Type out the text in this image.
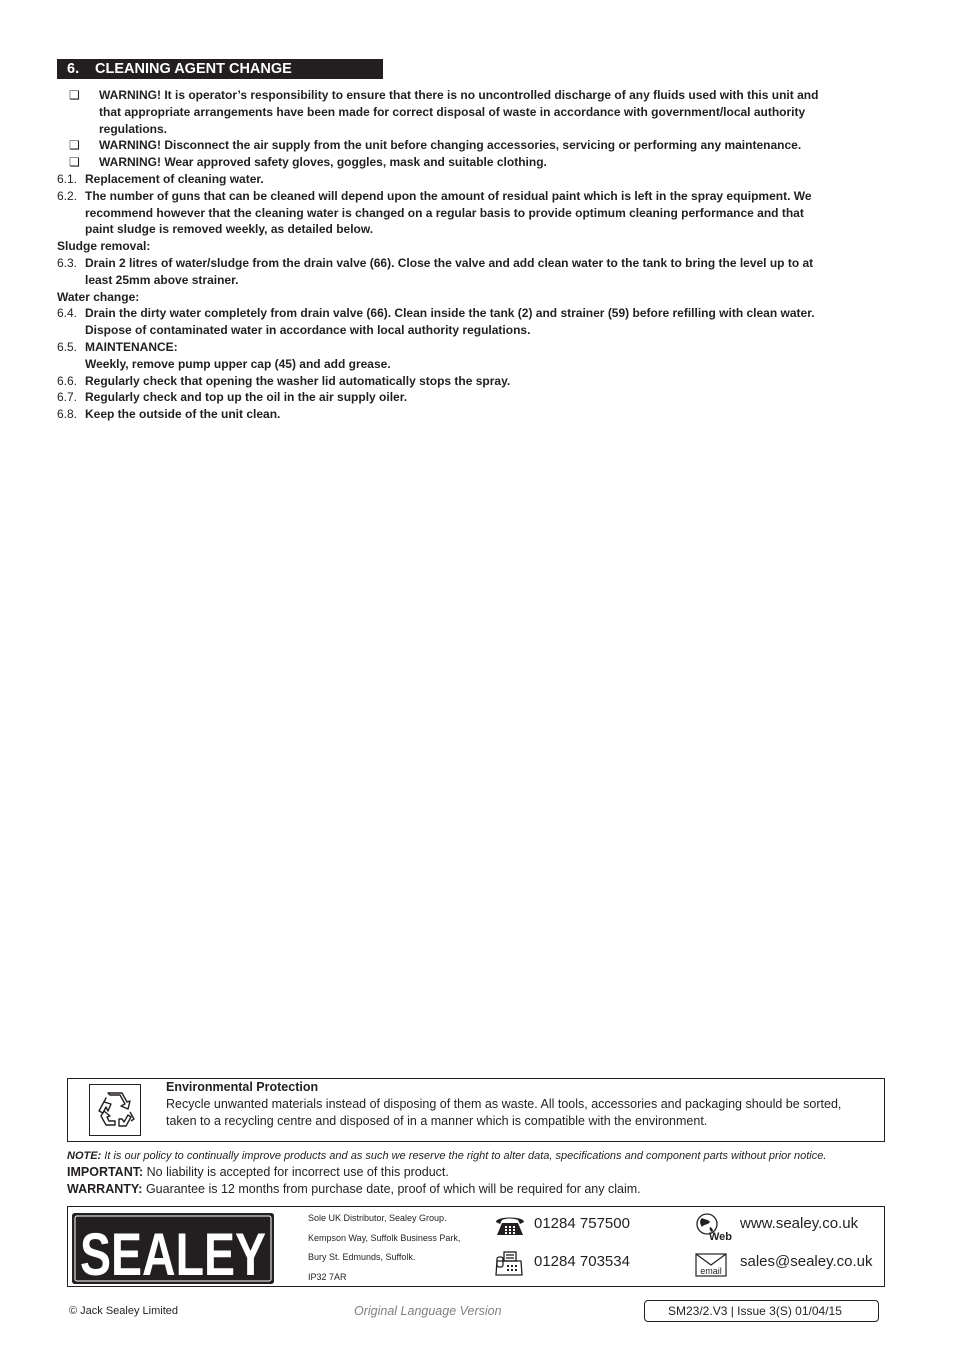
6. CLEANING AGENT CHANGE
❑ WARNING! It is operator’s responsibility to ensure that there is no uncontrolled discharge of any fluids used with this unit and
that appropriate arrangements have been made for correct disposal of waste in accordance with government/local authority
regulations.
❑ WARNING! Disconnect the air supply from the unit before changing accessories, servicing or performing any maintenance.
❑ WARNING! Wear approved safety gloves, goggles, mask and suitable clothing.
6.1. Replacement of cleaning water.
6.2. The number of guns that can be cleaned will depend upon the amount of residual paint which is left in the spray equipment. We
recommend however that the cleaning water is changed on a regular basis to provide optimum cleaning performance and that
paint sludge is removed weekly, as detailed below.
Sludge removal:
6.3. Drain 2 litres of water/sludge from the drain valve (66). Close the valve and add clean water to the tank to bring the level up to at
least 25mm above strainer.
Water change:
6.4. Drain the dirty water completely from drain valve (66). Clean inside the tank (2) and strainer (59) before refilling with clean water.
Dispose of contaminated water in accordance with local authority regulations.
6.5. MAINTENANCE:
Weekly, remove pump upper cap (45) and add grease.
6.6. Regularly check that opening the washer lid automatically stops the spray.
6.7. Regularly check and top up the oil in the air supply oiler.
6.8. Keep the outside of the unit clean.
Environmental Protection
Recycle unwanted materials instead of disposing of them as waste. All tools, accessories and packaging should be sorted,
taken to a recycling centre and disposed of in a manner which is compatible with the environment.
NOTE: It is our policy to continually improve products and as such we reserve the right to alter data, specifications and component parts without prior notice.
IMPORTANT: No liability is accepted for incorrect use of this product.
WARRANTY: Guarantee is 12 months from purchase date, proof of which will be required for any claim.
SEALEY
Sole UK Distributor, Sealey Group.
Kempson Way, Suffolk Business Park,
Bury St. Edmunds, Suffolk.
IP32 7AR
01284 757500
01284 703534
Web
www.sealey.co.uk
email
sales@sealey.co.uk
© Jack Sealey Limited	Original Language Version	SM23/2.V3 | Issue 3(S) 01/04/15
